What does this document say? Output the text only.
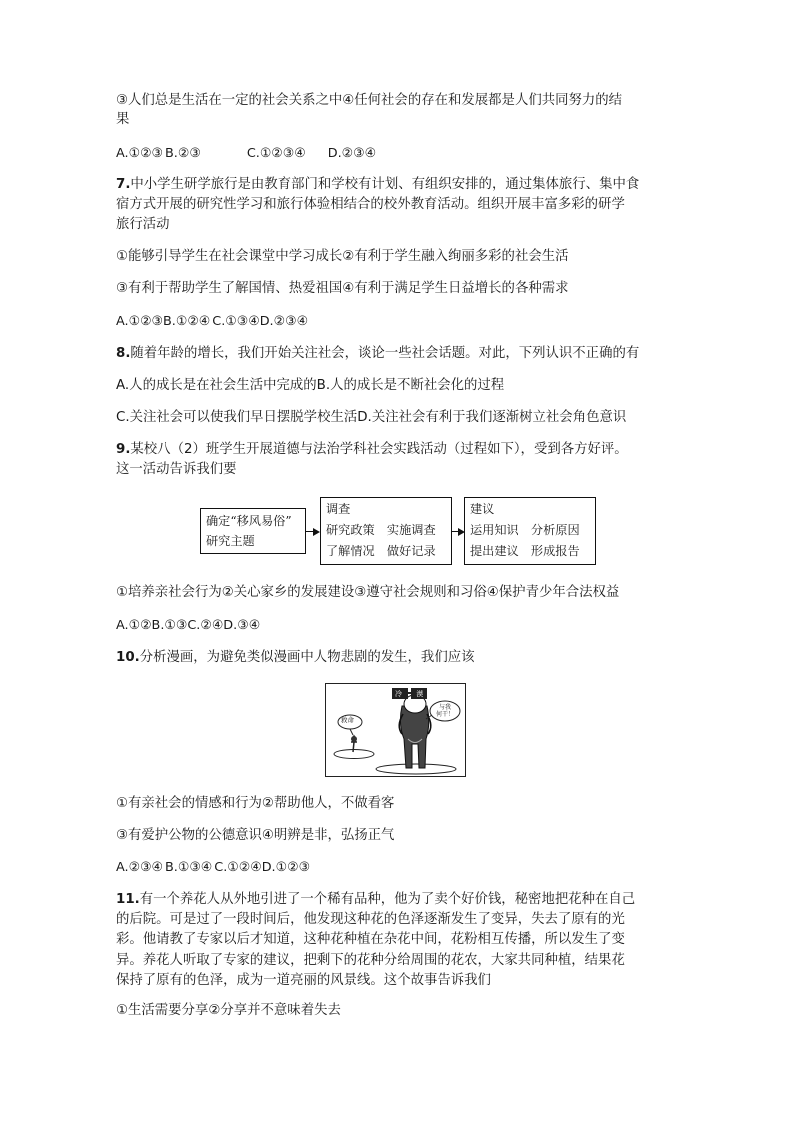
③人们总是生活在一定的社会关系之中④任何社会的存在和发展都是人们共同努力的结
果
A.①②③ B.②③	C.①②③④ D.②③④
7.中小学生研学旅行是由教育部门和学校有计划、有组织安排的，通过集体旅行、集中食
宿方式开展的研究性学习和旅行体验相结合的校外教育活动。组织开展丰富多彩的研学
旅行活动
①能够引导学生在社会课堂中学习成长②有利于学生融入绚丽多彩的社会生活
③有利于帮助学生了解国情、热爱祖国④有利于满足学生日益增长的各种需求
A.①②③B.①②④ C.①③④D.②③④
8.随着年龄的增长，我们开始关注社会，谈论一些社会话题。对此，下列认识不正确的有
A.人的成长是在社会生活中完成的B.人的成长是不断社会化的过程
C.关注社会可以使我们早日摆脱学校生活D.关注社会有利于我们逐渐树立社会角色意识
9.某校八（2）班学生开展道德与法治学科社会实践活动（过程如下），受到各方好评。
这一活动告诉我们要
确定“移风易俗”
研究主题
调查
研究政策　实施调查
了解情况　做好记录
建议
运用知识　分析原因
提出建议　形成报告
①培养亲社会行为②关心家乡的发展建设③遵守社会规则和习俗④保护青少年合法权益
A.①②B.①③C.②④D.③④
10.分析漫画，为避免类似漫画中人物悲剧的发生，我们应该
救命
冷 漠
与我
何干！
①有亲社会的情感和行为②帮助他人，不做看客
③有爱护公物的公德意识④明辨是非，弘扬正气
A.②③④ B.①③④ C.①②④D.①②③
11.有一个养花人从外地引进了一个稀有品种，他为了卖个好价钱，秘密地把花种在自己
的后院。可是过了一段时间后，他发现这种花的色泽逐渐发生了变异，失去了原有的光
彩。他请教了专家以后才知道，这种花种植在杂花中间，花粉相互传播，所以发生了变
异。养花人听取了专家的建议，把剩下的花种分给周围的花农，大家共同种植，结果花
保持了原有的色泽，成为一道亮丽的风景线。这个故事告诉我们
①生活需要分享②分享并不意味着失去
